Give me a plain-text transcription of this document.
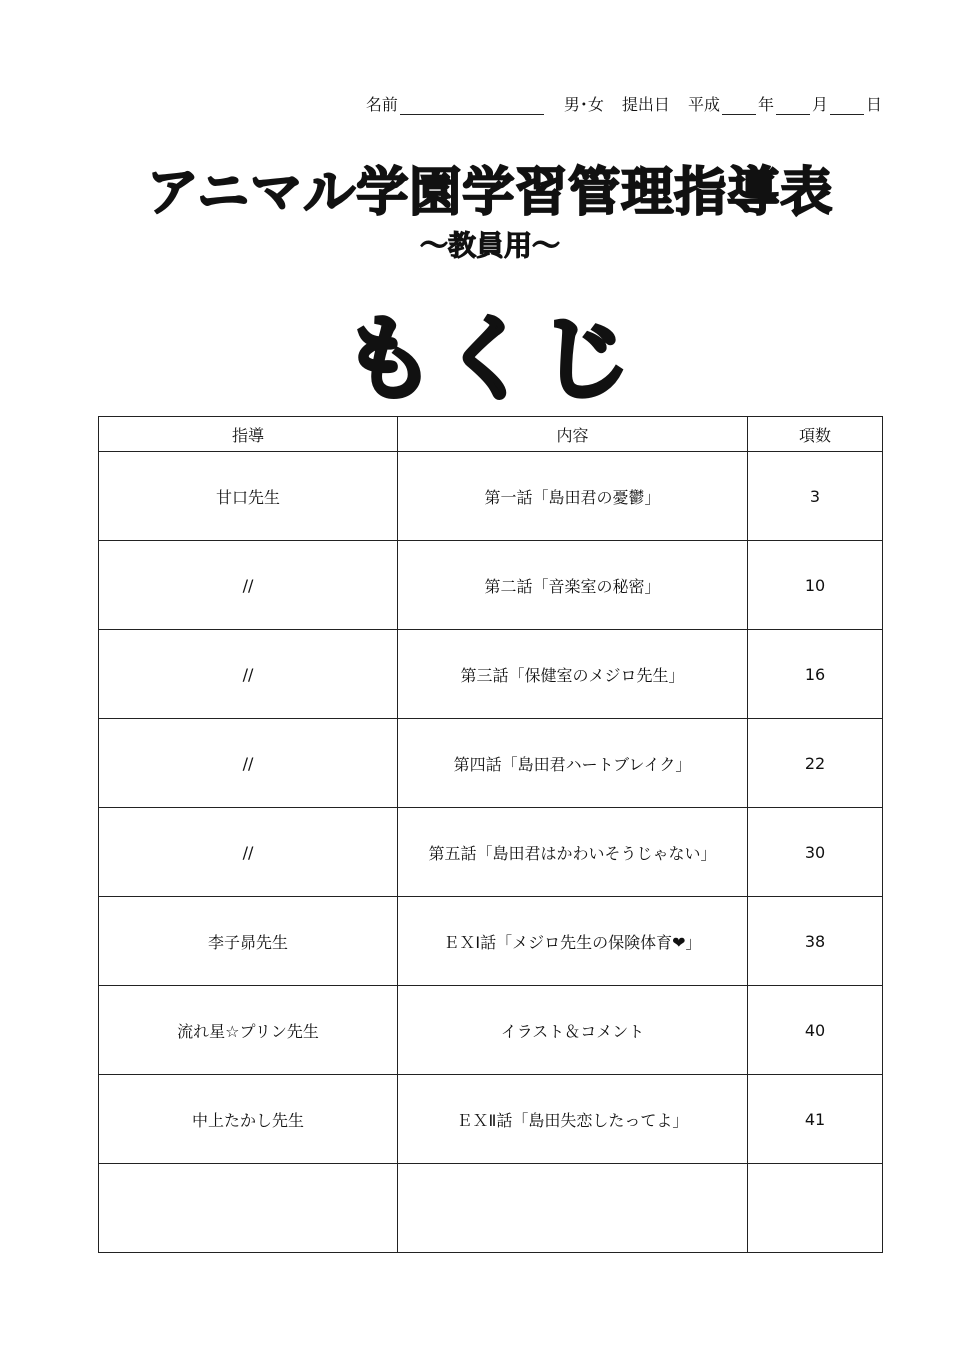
名前	男･女 提出日 平成 年 月 日
アニマル学園学習管理指導表
〜教員用〜
もくじ
指導	内容	項数
甘口先生	第一話「島田君の憂鬱」	3
//	第二話「音楽室の秘密」	10
//	第三話「保健室のメジロ先生」	16
//	第四話「島田君ハートブレイク」	22
//	第五話「島田君はかわいそうじゃない」	30
李子昴先生	ＥＸⅠ話「メジロ先生の保険体育❤」	38
流れ星☆プリン先生	イラスト＆コメント	40
中上たかし先生	ＥＸⅡ話「島田失恋したってよ」	41
